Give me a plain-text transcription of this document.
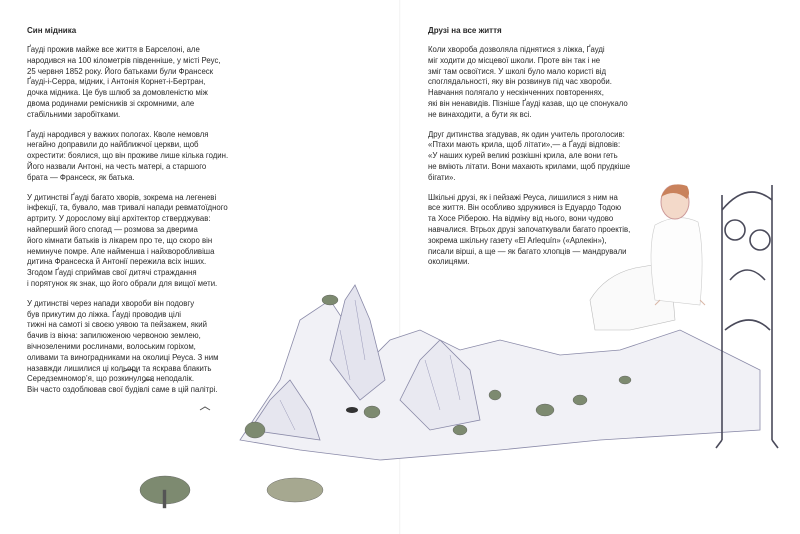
Син мідника

Ґауді прожив майже все життя в Барселоні, але
народився на 100 кілометрів південніше, у місті Реус,
25 червня 1852 року. Його батьками були Франсеск
Ґауді-і-Серра, мідник, і Антонія Корнет-і-Бертран,
дочка мідника. Це був шлюб за домовленістю між
двома родинами ремісників зі скромними, але
стабільними заробітками.

Ґауді народився у важких пологах. Кволе немовля
негайно доправили до найближчої церкви, щоб
охрестити: боялися, що він проживе лише кілька годин.
Його назвали Антоні, на честь матері, а старшого
брата — Франсеск, як батька.

У дитинстві Ґауді багато хворів, зокрема на легеневі
інфекції, та, бувало, мав тривалі напади ревматоїдного
артриту. У дорослому віці архітектор стверджував:
найперший його спогад — розмова за дверима
його кімнати батьків із лікарем про те, що скоро він
неминуче помре. Але найменша і найхворобливіша
дитина Франсеска й Антонії пережила всіх інших.
Згодом Ґауді сприймав свої дитячі страждання
і порятунок як знак, що його обрали для вищої мети.

У дитинстві через напади хвороби він подовгу
був прикутим до ліжка. Ґауді проводив цілі
тижні на самоті зі своєю уявою та пейзажем, який
бачив із вікна: запилюженою червоною землею,
вічнозеленими рослинами, волоським горіхом,
оливами та виноградниками на околиці Реуса. З ним
назавжди лишилися ці кольори та яскрава блакить
Середземномор’я, що розкинулося неподалік.
Він часто оздоблював свої будівлі саме в цій палітрі.

Друзі на все життя

Коли хвороба дозволяла піднятися з ліжка, Ґауді
міг ходити до місцевої школи. Проте він так і не
зміг там освоїтися. У школі було мало користі від
споглядальності, яку він розвинув під час хвороби.
Навчання полягало у нескінченних повтореннях,
які він ненавидів. Пізніше Ґауді казав, що це спонукало
не винаходити, а бути як всі.

Друг дитинства згадував, як один учитель проголосив:
«Птахи мають крила, щоб літати»,— а Ґауді відповів:
«У наших курей великі розкішні крила, але вони геть
не вміють літати. Вони махають крилами, щоб прудкіше
бігати».

Шкільні друзі, як і пейзажі Реуса, лишилися з ним на
все життя. Він особливо здружився із Едуардо Тодою
та Хосе Ріберою. На відміну від нього, вони чудово
навчалися. Втрьох друзі започаткували багато проектів,
зокрема шкільну газету «El Arlequín» («Арлекін»),
писали вірші, а ще — як багато хлопців — мандрували
околицями.
